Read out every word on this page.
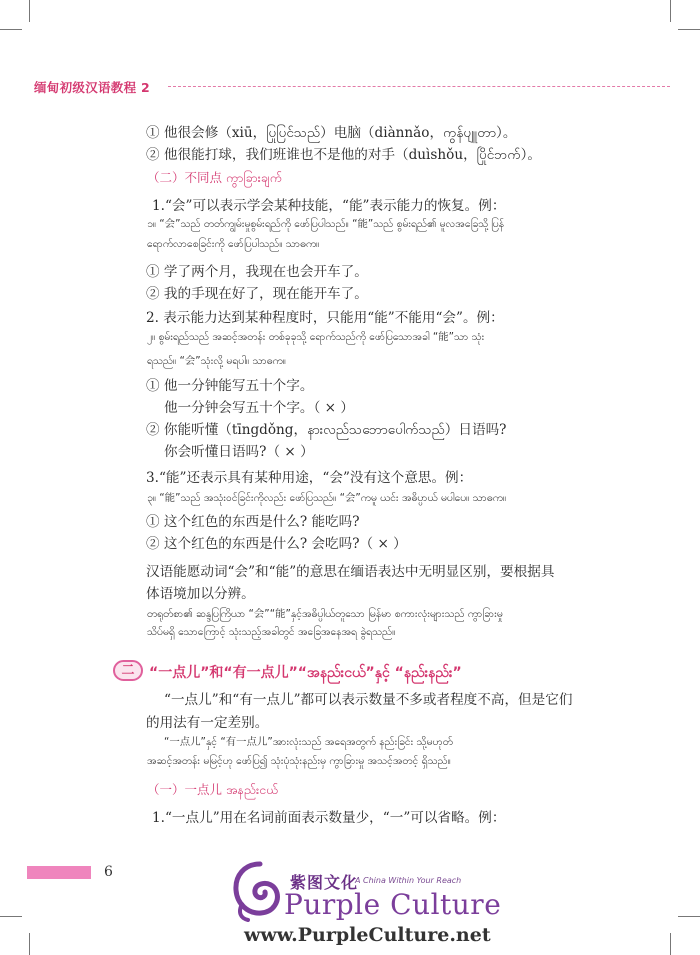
缅甸初级汉语教程 2
① 他很会修（xiū，ပြုပြင်သည်）电脑（diànnǎo，ကွန်ပျူတာ）。
② 他很能打球，我们班谁也不是他的对手（duìshǒu，ပြိုင်ဘက်）。
（二）不同点 ကွာခြားချက်
1.“会”可以表示学会某种技能，“能”表示能力的恢复。例：
၁။ “会”သည် တတ်ကျွမ်းမှုစွမ်းရည်ကို ဖော်ပြပါသည်။ “能”သည် စွမ်းရည်၏ မူလအခြေသို့ပြန်
ရောက်လာစေခြင်းကို ဖော်ပြပါသည်။ သာဓက။
① 学了两个月，我现在也会开车了。
② 我的手现在好了，现在能开车了。
2. 表示能力达到某种程度时，只能用“能”不能用“会”。例：
၂။ စွမ်းရည်သည် အဆင့်အတန်း တစ်ခုခုသို့ ရောက်သည်ကို ဖော်ပြသောအခါ “能”သာ သုံး
ရသည်။ “会”သုံးလို့ မရပါ။ သာဓက။
① 他一分钟能写五十个字。
他一分钟会写五十个字。（ × ）
② 你能听懂（tīngdǒng，နားလည်သဘောပေါက်သည်）日语吗?
你会听懂日语吗?（ × ）
3.“能”还表示具有某种用途，“会”没有这个意思。例：
၃။ “能”သည် အသုံးဝင်ခြင်းကိုလည်း ဖော်ပြသည်။ “会”ကမူ ယင်း အဓိပ္ပာယ် မပါပေ။ သာဓက။
① 这个红色的东西是什么? 能吃吗?
② 这个红色的东西是什么? 会吃吗?（ × ）
汉语能愿动词“会”和“能”的意思在缅语表达中无明显区别，要根据具
体语境加以分辨。
တရုတ်စာ၏ ဆန္ဒပြကြိယာ “会”“能”နှင့်အဓိပ္ပါယ်တူသော မြန်မာ စကားလုံးများသည် ကွာခြားမှု
သိပ်မရှိ သောကြောင့် သုံးသည့်အခါတွင် အခြေအနေအရ ခွဲရသည်။
二	“一点儿”和“有一点儿”“အနည်းငယ်”နှင့် “နည်းနည်း”
“一点儿”和“有一点儿”都可以表示数量不多或者程度不高，但是它们
的用法有一定差别。
“一点儿”နှင့် “有一点儿”အားလုံးသည် အရေအတွက် နည်းခြင်း သို့မဟုတ်
အဆင့်အတန်း မမြင့်ဟု ဖော်ပြ၍ သုံးပုံသုံးနည်းမှ ကွာခြားမှု အသင့်အတင့် ရှိသည်။
（一）一点儿 အနည်းငယ်
1.“一点儿”用在名词前面表示数量少，“一”可以省略。例：
6
紫图文化
A China Within Your Reach
Purple Culture
www.PurpleCulture.net
